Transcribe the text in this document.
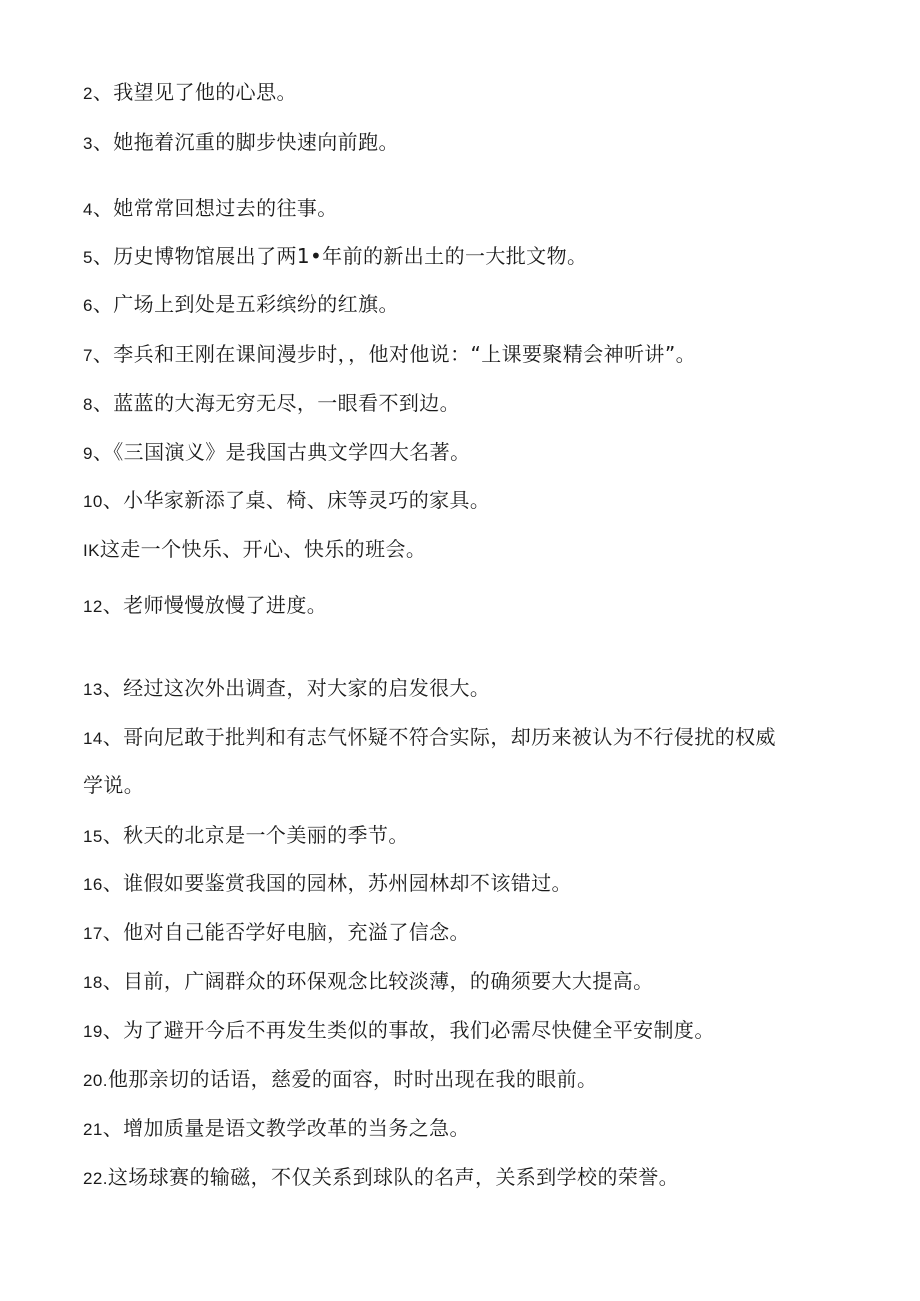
2、我望见了他的心思。
3、她拖着沉重的脚步快速向前跑。
4、她常常回想过去的往事。
5、历史博物馆展出了两1•年前的新出土的一大批文物。
6、广场上到处是五彩缤纷的红旗。
7、李兵和王刚在课间漫步时，，他对他说：“上课要聚精会神听讲”。
8、蓝蓝的大海无穷无尽，一眼看不到边。
9、《三国演义》是我国古典文学四大名著。
10、小华家新添了桌、椅、床等灵巧的家具。
IK这走一个快乐、开心、快乐的班会。
12、老师慢慢放慢了进度。
13、经过这次外出调查，对大家的启发很大。
14、哥向尼敢于批判和有志气怀疑不符合实际，却历来被认为不行侵扰的权威
学说。
15、秋天的北京是一个美丽的季节。
16、谁假如要鉴赏我国的园林，苏州园林却不该错过。
17、他对自己能否学好电脑，充溢了信念。
18、目前，广阔群众的环保观念比较淡薄，的确须要大大提高。
19、为了避开今后不再发生类似的事故，我们必需尽快健全平安制度。
20.他那亲切的话语，慈爱的面容，时时出现在我的眼前。
21、增加质量是语文教学改革的当务之急。
22.这场球赛的输磁，不仅关系到球队的名声，关系到学校的荣誉。
